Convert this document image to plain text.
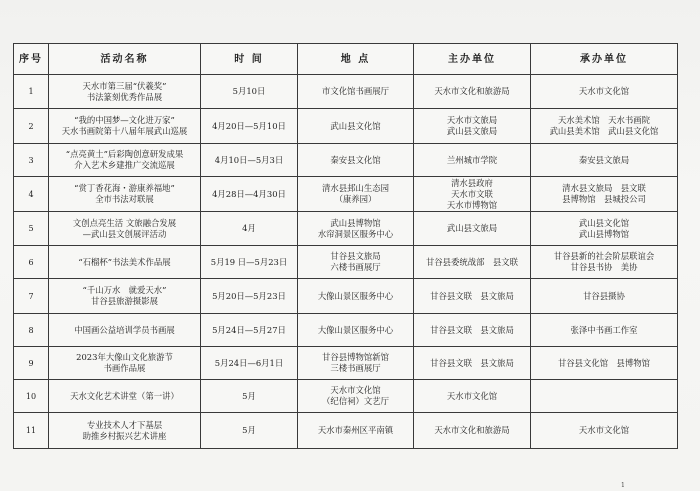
序号	活动名称	时 间	地 点	主办单位	承办单位
1	天水市第三届“伏羲奖”
书法篆刻优秀作品展	5月10日	市文化馆书画展厅	天水市文化和旅游局	天水市文化馆

2	“我的中国梦—文化进万家”
天水书画院第十八届年展武山巡展	4月20日—5月10日	武山县文化馆	天水市文旅局
武山县文旅局	天水美术馆　天水书画院
武山县美术馆　武山县文化馆

3	“点亮黄土”后彩陶创意研发成果
介入艺术乡建推广交流巡展	4月10日—5月3日	秦安县文化馆	兰州城市学院	秦安县文旅局

4	“赏丁香花海・游康养福地”
全市书法对联展	4月28日—4月30日	清水县邽山生态园
（康养园）	清水县政府
天水市文联
天水市博物馆	清水县文旅局　县文联
县博物馆　县城投公司

5	文创点亮生活 文旅融合发展
—武山县文创展评活动	4月	武山县博物馆
水帘洞景区服务中心	武山县文旅局	武山县文化馆
武山县博物馆

6	“石榴杯”书法美术作品展	5月19 日—5月23日	甘谷县文旅局
六楼书画展厅	甘谷县委统战部　县文联	甘谷县新的社会阶层联谊会
甘谷县书协　美协

7	“千山万水　就爱天水”
甘谷县旅游摄影展	5月20日—5月23日	大像山景区服务中心	甘谷县文联　县文旅局	甘谷县摄协

8	中国画公益培训学员书画展	5月24日—5月27日	大像山景区服务中心	甘谷县文联　县文旅局	张泽中书画工作室

9	2023年大像山文化旅游节
书画作品展	5月24日—6月1日	甘谷县博物馆新馆
三楼书画展厅	甘谷县文联　县文旅局	甘谷县文化馆　县博物馆

10	天水文化艺术讲堂（第一讲）	5月	天水市文化馆
（纪信祠）文艺厅	天水市文化馆	

11	专业技术人才下基层
助推乡村振兴艺术讲座	5月	天水市秦州区平南镇	天水市文化和旅游局	天水市文化馆
1
